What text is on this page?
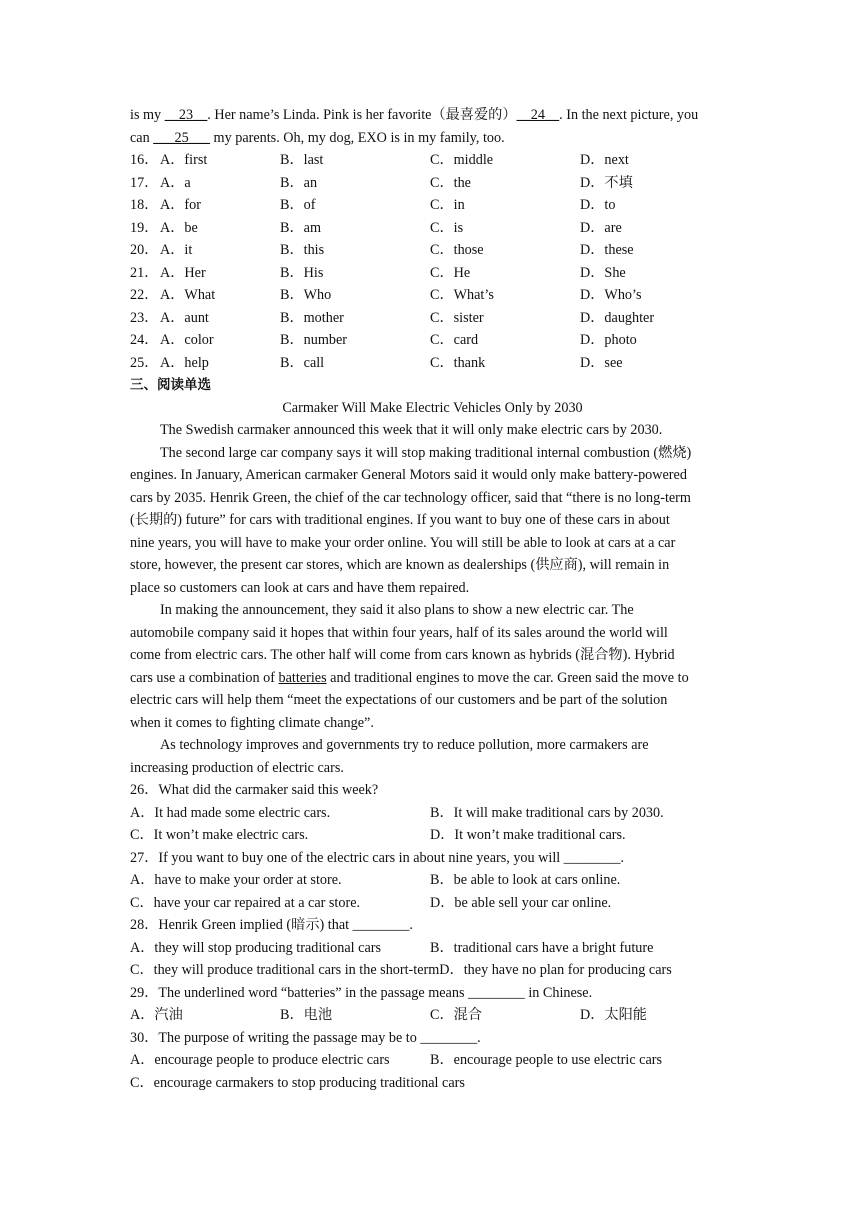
is my __23__. Her name’s Linda. Pink is her favorite（最喜爱的）__24__. In the next picture, you
can ___25___ my parents. Oh, my dog, EXO is in my family, too.
16． A．first	B．last	C．middle	D．next
17． A．a	B．an	C．the	D．不填
18． A．for	B．of	C．in	D．to
19． A．be	B．am	C．is	D．are
20． A．it	B．this	C．those	D．these
21． A．Her	B．His	C．He	D．She
22． A．What	B．Who	C．What’s	D．Who’s
23． A．aunt	B．mother	C．sister	D．daughter
24． A．color	B．number	C．card	D．photo
25． A．help	B．call	C．thank	D．see
三、阅读单选
Carmaker Will Make Electric Vehicles Only by 2030
The Swedish carmaker announced this week that it will only make electric cars by 2030.
The second large car company says it will stop making traditional internal combustion (燃烧)
engines. In January, American carmaker General Motors said it would only make battery-powered
cars by 2035. Henrik Green, the chief of the car technology officer, said that “there is no long-term
(长期的) future” for cars with traditional engines. If you want to buy one of these cars in about
nine years, you will have to make your order online. You will still be able to look at cars at a car
store, however, the present car stores, which are known as dealerships (供应商), will remain in
place so customers can look at cars and have them repaired.
In making the announcement, they said it also plans to show a new electric car. The
automobile company said it hopes that within four years, half of its sales around the world will
come from electric cars. The other half will come from cars known as hybrids (混合物). Hybrid
cars use a combination of batteries and traditional engines to move the car. Green said the move to
electric cars will help them “meet the expectations of our customers and be part of the solution
when it comes to fighting climate change”.
As technology improves and governments try to reduce pollution, more carmakers are
increasing production of electric cars.
26．What did the carmaker said this week?
A．It had made some electric cars.	B．It will make traditional cars by 2030.
C．It won’t make electric cars.	D．It won’t make traditional cars.
27．If you want to buy one of the electric cars in about nine years, you will ________.
A．have to make your order at store.	B．be able to look at cars online.
C．have your car repaired at a car store.	D．be able sell your car online.
28．Henrik Green implied (暗示) that ________.
A．they will stop producing traditional cars	B．traditional cars have a bright future
C．they will produce traditional cars in the short-termD．they have no plan for producing cars
29．The underlined word “batteries” in the passage means ________ in Chinese.
A．汽油	B．电池	C．混合	D．太阳能
30．The purpose of writing the passage may be to ________.
A．encourage people to produce electric cars	B．encourage people to use electric cars
C．encourage carmakers to stop producing traditional cars
